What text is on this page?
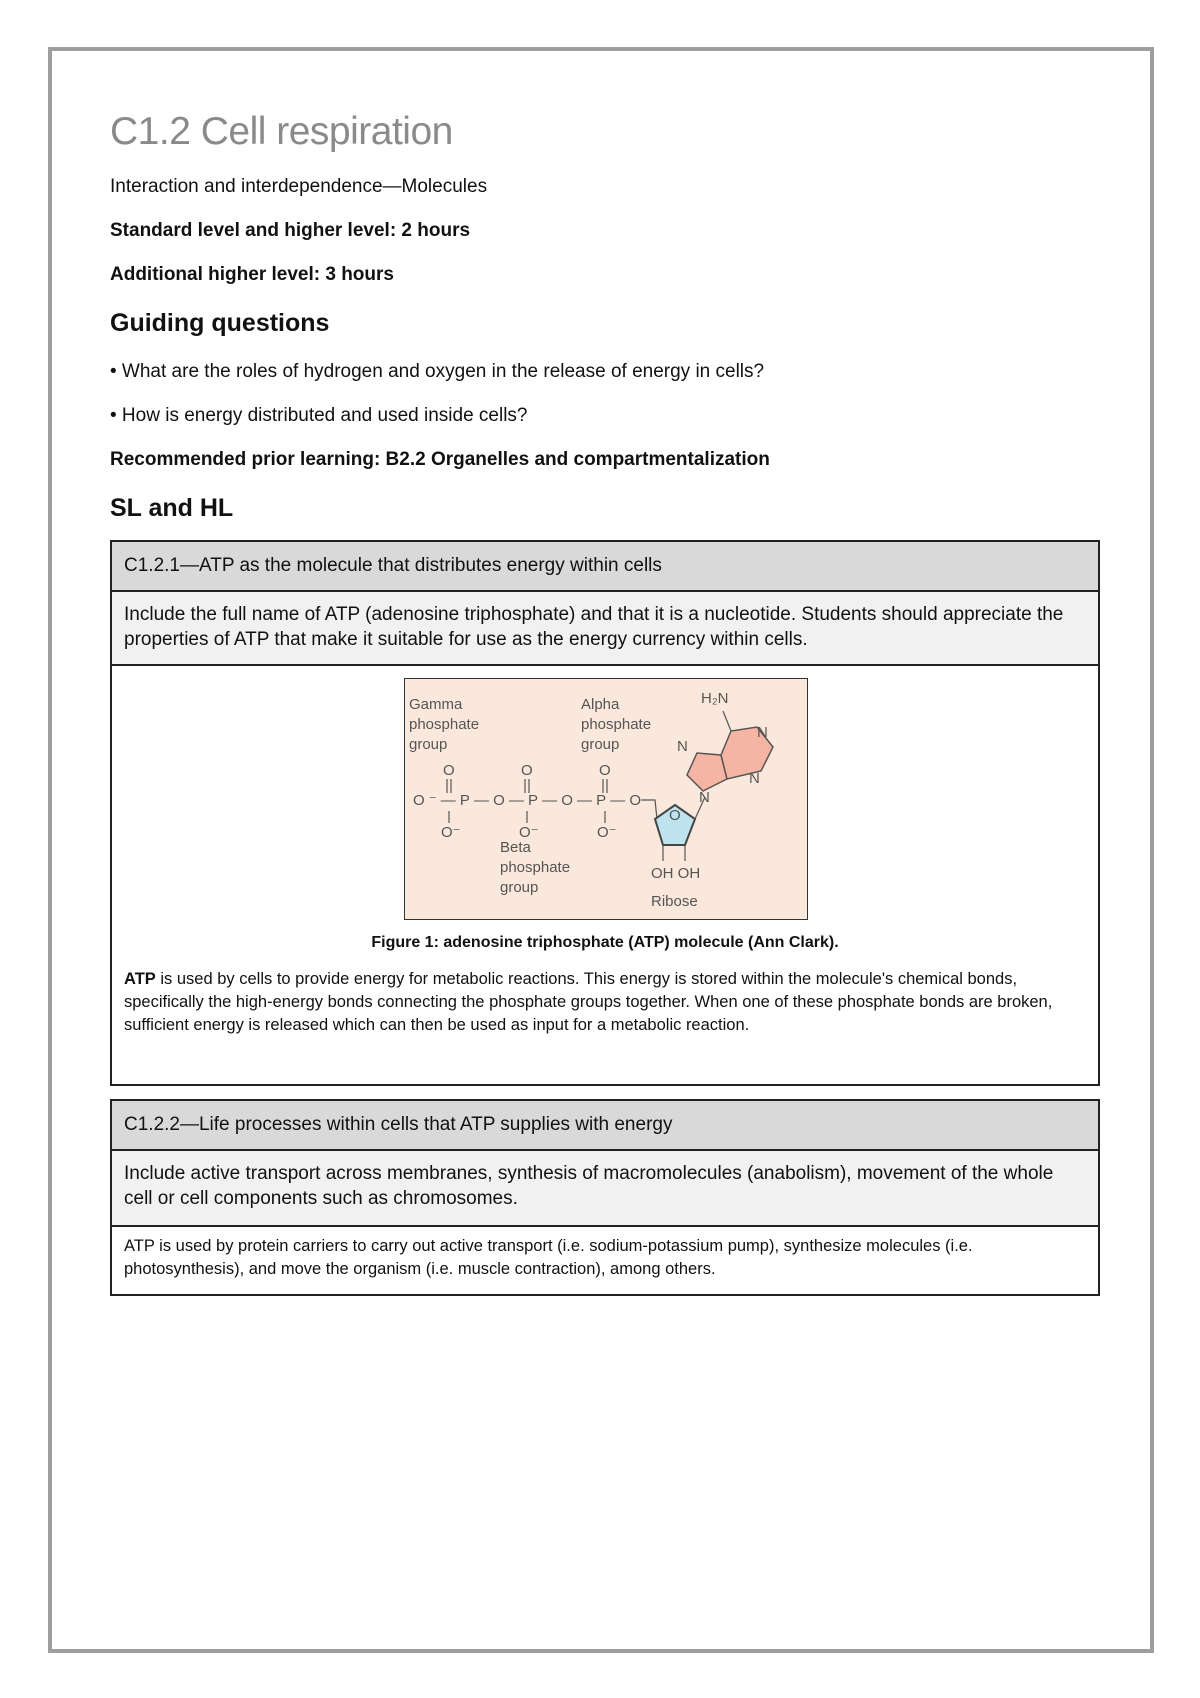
C1.2 Cell respiration
Interaction and interdependence—Molecules
Standard level and higher level: 2 hours
Additional higher level: 3 hours
Guiding questions
• What are the roles of hydrogen and oxygen in the release of energy in cells?
• How is energy distributed and used inside cells?
Recommended prior learning: B2.2 Organelles and compartmentalization
SL and HL
C1.2.1—ATP as the molecule that distributes energy within cells
Include the full name of ATP (adenosine triphosphate) and that it is a nucleotide. Students should appreciate the properties of ATP that make it suitable for use as the energy currency within cells.
Gamma
phosphate
group
Alpha
phosphate
group
Beta
phosphate
group
O	O	O
O⁻—P—O—P—O—P—O
O⁻	O⁻	O⁻
O
OH OH
Ribose
N
N
N
N
H₂N
Figure 1: adenosine triphosphate (ATP) molecule (Ann Clark).
ATP is used by cells to provide energy for metabolic reactions. This energy is stored within the molecule's chemical bonds, specifically the high-energy bonds connecting the phosphate groups together. When one of these phosphate bonds are broken, sufficient energy is released which can then be used as input for a metabolic reaction.
C1.2.2—Life processes within cells that ATP supplies with energy
Include active transport across membranes, synthesis of macromolecules (anabolism), movement of the whole cell or cell components such as chromosomes.
ATP is used by protein carriers to carry out active transport (i.e. sodium-potassium pump), synthesize molecules (i.e. photosynthesis), and move the organism (i.e. muscle contraction), among others.
